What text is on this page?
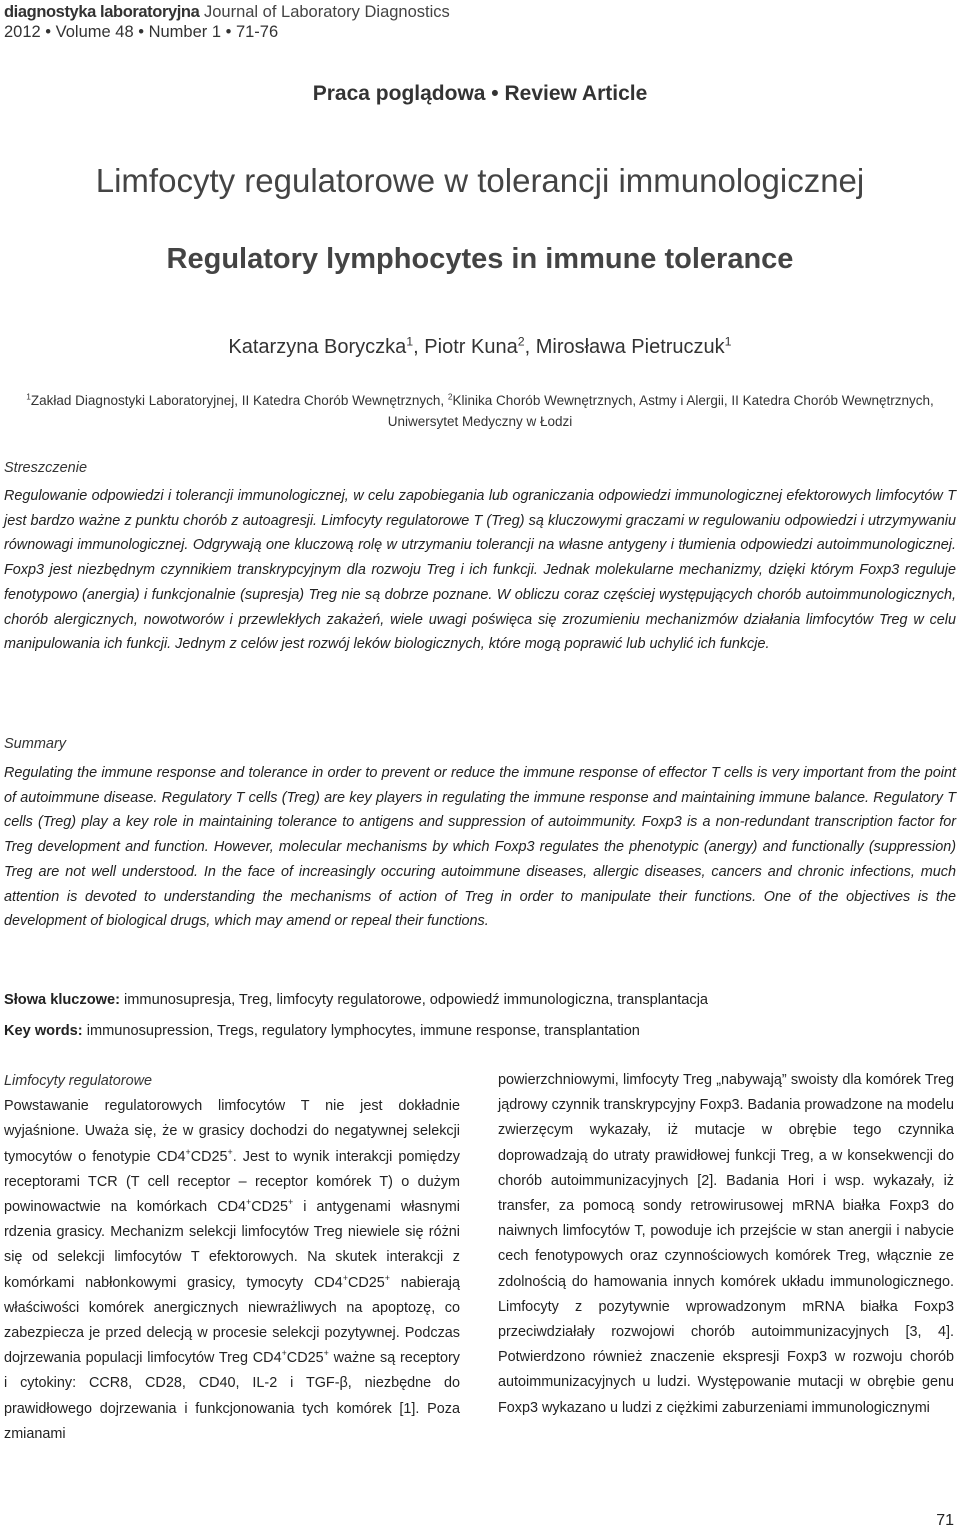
diagnostyka laboratoryjna Journal of Laboratory Diagnostics
2012 • Volume 48 • Number 1 • 71-76
Praca poglądowa • Review Article
Limfocyty regulatorowe w tolerancji immunologicznej
Regulatory lymphocytes in immune tolerance
Katarzyna Boryczka$^1$, Piotr Kuna$^2$, Mirosława Pietruczuk$^1$
$^1$Zakład Diagnostyki Laboratoryjnej, II Katedra Chorób Wewnętrznych, $^2$Klinika Chorób Wewnętrznych, Astmy i Alergii, II Katedra Chorób Wewnętrznych, Uniwersytet Medyczny w Łodzi
Streszczenie

Regulowanie odpowiedzi i tolerancji immunologicznej, w celu zapobiegania lub ograniczania odpowiedzi immunologicznej efektorowych limfocytów T jest bardzo ważne z punktu chorób z autoagresji. Limfocyty regulatorowe T (Treg) są kluczowymi graczami w regulowaniu odpowiedzi i utrzymywaniu równowagi immunologicznej. Odgrywają one kluczową rolę w utrzymaniu tolerancji na własne antygeny i tłumienia odpowiedzi autoimmunologicznej. Foxp3 jest niezbędnym czynnikiem transkrypcyjnym dla rozwoju Treg i ich funkcji. Jednak molekularne mechanizmy, dzięki którym Foxp3 reguluje fenotypowo (anergia) i funkcjonalnie (supresja) Treg nie są dobrze poznane. W obliczu coraz częściej występujących chorób autoimmunologicznych, chorób alergicznych, nowotworów i przewlekłych zakażeń, wiele uwagi poświęca się zrozumieniu mechanizmów działania limfocytów Treg w celu manipulowania ich funkcji. Jednym z celów jest rozwój leków biologicznych, które mogą poprawić lub uchylić ich funkcje.

Summary

Regulating the immune response and tolerance in order to prevent or reduce the immune response of effector T cells is very important from the point of autoimmune disease. Regulatory T cells (Treg) are key players in regulating the immune response and maintaining immune balance. Regulatory T cells (Treg) play a key role in maintaining tolerance to antigens and suppression of autoimmunity. Foxp3 is a non-redundant transcription factor for Treg development and function. However, molecular mechanisms by which Foxp3 regulates the phenotypic (anergy) and functionally (suppression) Treg are not well understood. In the face of increasingly occuring autoimmune diseases, allergic diseases, cancers and chronic infections, much attention is devoted to understanding the mechanisms of action of Treg in order to manipulate their functions. One of the objectives is the development of biological drugs, which may amend or repeal their functions.

Słowa kluczowe: immunosupresja, Treg, limfocyty regulatorowe, odpowiedź immunologiczna, transplantacja
Key words: immunosupression, Tregs, regulatory lymphocytes, immune response, transplantation
Limfocyty regulatorowe

Powstawanie regulatorowych limfocytów T nie jest dokładnie wyjaśnione. Uważa się, że w grasicy dochodzi do negatywnej selekcji tymocytów o fenotypie CD4+CD25+. Jest to wynik interakcji pomiędzy receptorami TCR (T cell receptor – receptor komórek T) o dużym powinowactwie na komórkach CD4+CD25+ i antygenami własnymi rdzenia grasicy. Mechanizm selekcji limfocytów Treg niewiele się różni się od selekcji limfocytów T efektorowych. Na skutek interakcji z komórkami nabłonkowymi grasicy, tymocyty CD4+CD25+ nabierają właściwości komórek anergicznych niewrażliwych na apoptozę, co zabezpiecza je przed delecją w procesie selekcji pozytywnej. Podczas dojrzewania populacji limfocytów Treg CD4+CD25+ ważne są receptory i cytokiny: CCR8, CD28, CD40, IL-2 i TGF-β, niezbędne do prawidłowego dojrzewania i funkcjonowania tych komórek [1]. Poza zmianami

powierzchniowymi, limfocyty Treg „nabywają” swoisty dla komórek Treg jądrowy czynnik transkrypcyjny Foxp3. Badania prowadzone na modelu zwierzęcym wykazały, iż mutacje w obrębie tego czynnika doprowadzają do utraty prawidłowej funkcji Treg, a w konsekwencji do chorób autoimmunizacyjnych [2]. Badania Hori i wsp. wykazały, iż transfer, za pomocą sondy retrowirusowej mRNA białka Foxp3 do naiwnych limfocytów T, powoduje ich przejście w stan anergii i nabycie cech fenotypowych oraz czynnościowych komórek Treg, włącznie ze zdolnością do hamowania innych komórek układu immunologicznego. Limfocyty z pozytywnie wprowadzonym mRNA białka Foxp3 przeciwdziałały rozwojowi chorób autoimmunizacyjnych [3, 4]. Potwierdzono również znaczenie ekspresji Foxp3 w rozwoju chorób autoimmunizacyjnych u ludzi. Występowanie mutacji w obrębie genu Foxp3 wykazano u ludzi z ciężkimi zaburzeniami immunologicznymi

71
